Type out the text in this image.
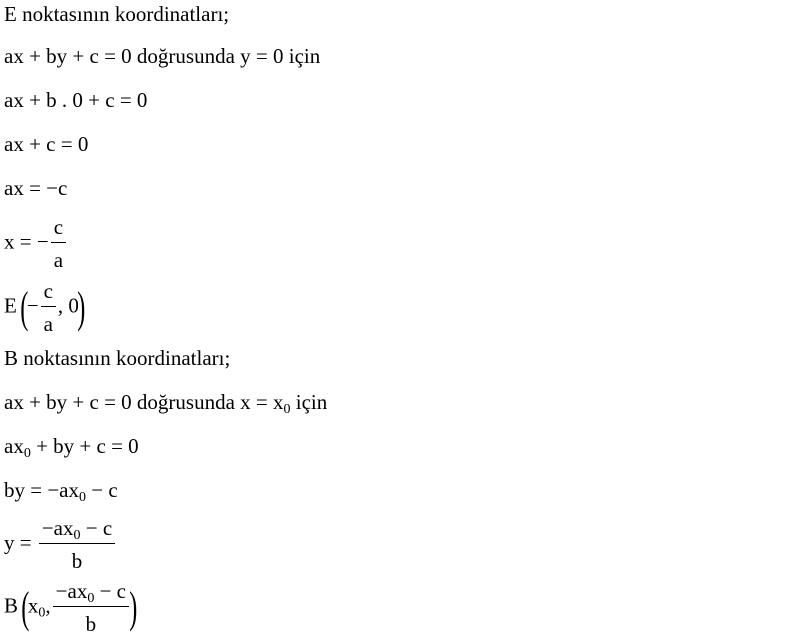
E noktasının koordinatları;
ax + by + c = 0 doğrusunda y = 0 için
ax + b . 0 + c = 0
ax + c = 0
ax = −c
x = − $\frac{c}{a}$
E (− $\frac{c}{a}$ , 0)
B noktasının koordinatları;
ax + by + c = 0 doğrusunda $x = x_0$ için
$ax_0$ + by + c = 0
by = $-ax_0 - c$
$y = \frac{-ax_0 - c}{b}$
B ($x_0$, $\frac{-ax_0 - c}{b}$ )
